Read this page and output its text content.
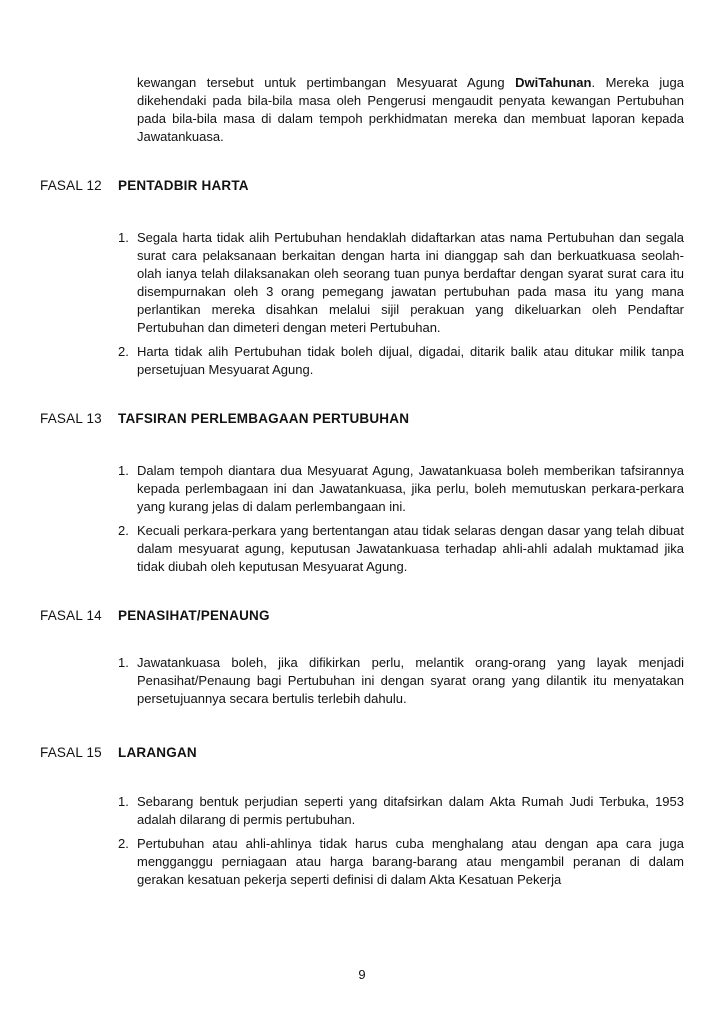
kewangan tersebut untuk pertimbangan Mesyuarat Agung DwiTahunan. Mereka juga dikehendaki pada bila-bila masa oleh Pengerusi mengaudit penyata kewangan Pertubuhan pada bila-bila masa di dalam tempoh perkhidmatan mereka dan membuat laporan kepada Jawatankuasa.

FASAL 12	PENTADBIR HARTA
1. Segala harta tidak alih Pertubuhan hendaklah didaftarkan atas nama Pertubuhan dan segala surat cara pelaksanaan berkaitan dengan harta ini dianggap sah dan berkuatkuasa seolah-olah ianya telah dilaksanakan oleh seorang tuan punya berdaftar dengan syarat surat cara itu disempurnakan oleh 3 orang pemegang jawatan pertubuhan pada masa itu yang mana perlantikan mereka disahkan melalui sijil perakuan yang dikeluarkan oleh Pendaftar Pertubuhan dan dimeteri dengan meteri Pertubuhan.
2. Harta tidak alih Pertubuhan tidak boleh dijual, digadai, ditarik balik atau ditukar milik tanpa persetujuan Mesyuarat Agung.
FASAL 13	TAFSIRAN PERLEMBAGAAN PERTUBUHAN
1. Dalam tempoh diantara dua Mesyuarat Agung, Jawatankuasa boleh memberikan tafsirannya kepada perlembagaan ini dan Jawatankuasa, jika perlu, boleh memutuskan perkara-perkara yang kurang jelas di dalam perlembangaan ini.
2. Kecuali perkara-perkara yang bertentangan atau tidak selaras dengan dasar yang telah dibuat dalam mesyuarat agung, keputusan Jawatankuasa terhadap ahli-ahli adalah muktamad jika tidak diubah oleh keputusan Mesyuarat Agung.
FASAL 14	PENASIHAT/PENAUNG
1. Jawatankuasa boleh, jika difikirkan perlu, melantik orang-orang yang layak menjadi Penasihat/Penaung bagi Pertubuhan ini dengan syarat orang yang dilantik itu menyatakan persetujuannya secara bertulis terlebih dahulu.
FASAL 15	LARANGAN
1. Sebarang bentuk perjudian seperti yang ditafsirkan dalam Akta Rumah Judi Terbuka, 1953 adalah dilarang di permis pertubuhan.
2. Pertubuhan atau ahli-ahlinya tidak harus cuba menghalang atau dengan apa cara juga mengganggu perniagaan atau harga barang-barang atau mengambil peranan di dalam gerakan kesatuan pekerja seperti definisi di dalam Akta Kesatuan Pekerja
9
